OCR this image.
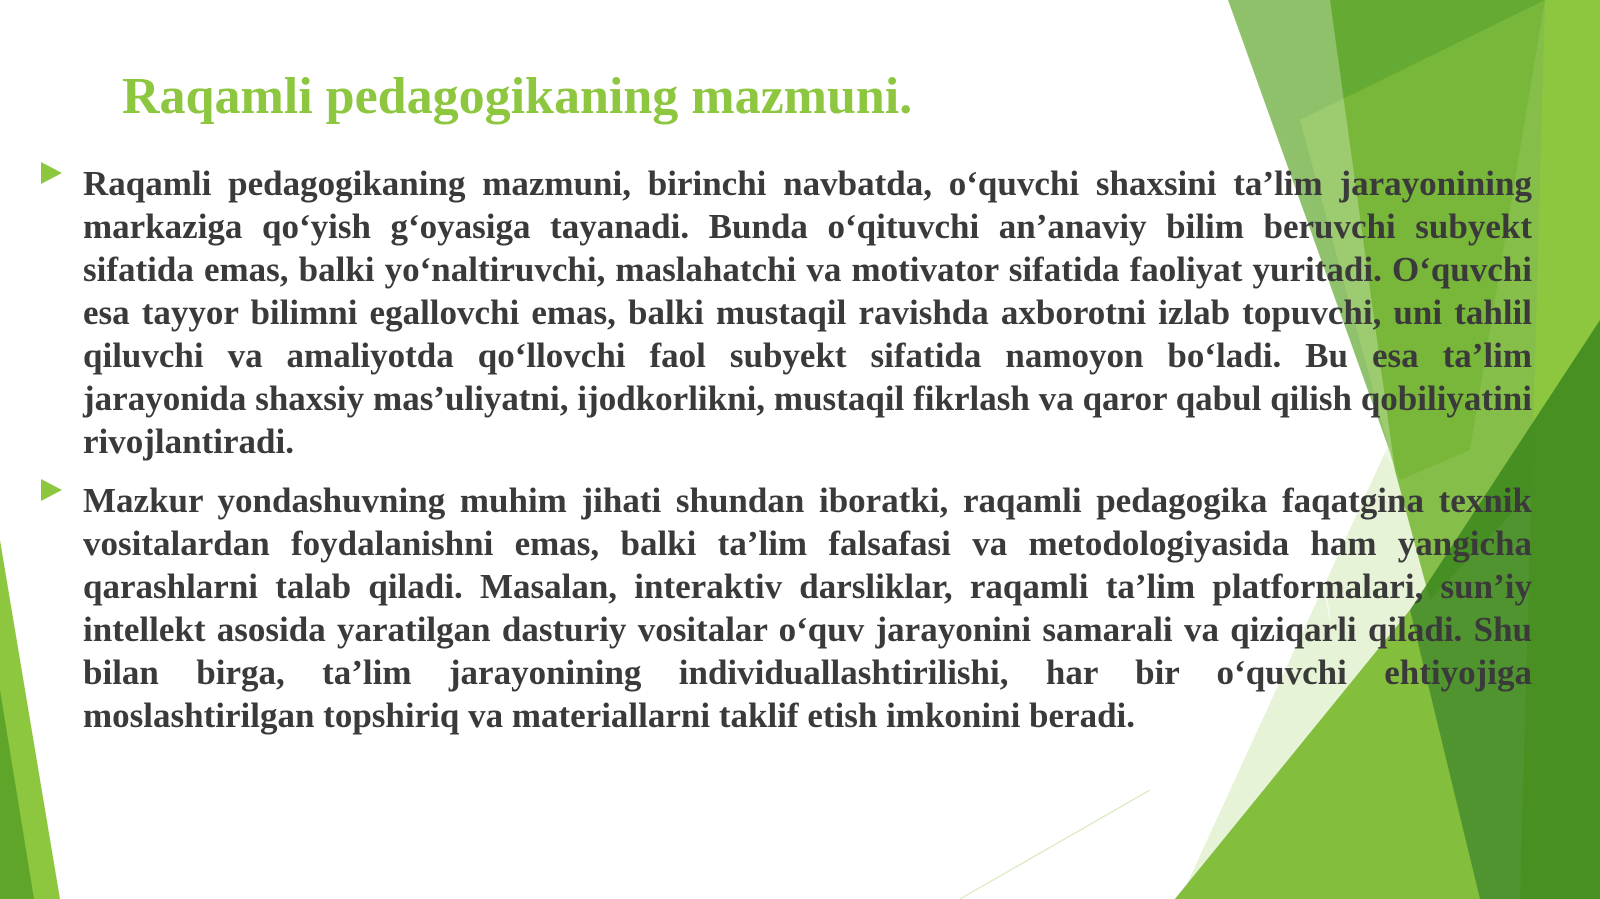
Raqamli pedagogikaning mazmuni.

Raqamli pedagogikaning mazmuni, birinchi navbatda, o‘quvchi shaxsini ta’lim jarayonining markaziga qo‘yish g‘oyasiga tayanadi. Bunda o‘qituvchi an’anaviy bilim beruvchi subyekt sifatida emas, balki yo‘naltiruvchi, maslahatchi va motivator sifatida faoliyat yuritadi. O‘quvchi esa tayyor bilimni egallovchi emas, balki mustaqil ravishda axborotni izlab topuvchi, uni tahlil qiluvchi va amaliyotda qo‘llovchi faol subyekt sifatida namoyon bo‘ladi. Bu esa ta’lim jarayonida shaxsiy mas’uliyatni, ijodkorlikni, mustaqil fikrlash va qaror qabul qilish qobiliyatini rivojlantiradi.

Mazkur yondashuvning muhim jihati shundan iboratki, raqamli pedagogika faqatgina texnik vositalardan foydalanishni emas, balki ta’lim falsafasi va metodologiyasida ham yangicha qarashlarni talab qiladi. Masalan, interaktiv darsliklar, raqamli ta’lim platformalari, sun’iy intellekt asosida yaratilgan dasturiy vositalar o‘quv jarayonini samarali va qiziqarli qiladi. Shu bilan birga, ta’lim jarayonining individuallashtirilishi, har bir o‘quvchi ehtiyojiga moslashtirilgan topshiriq va materiallarni taklif etish imkonini beradi.
